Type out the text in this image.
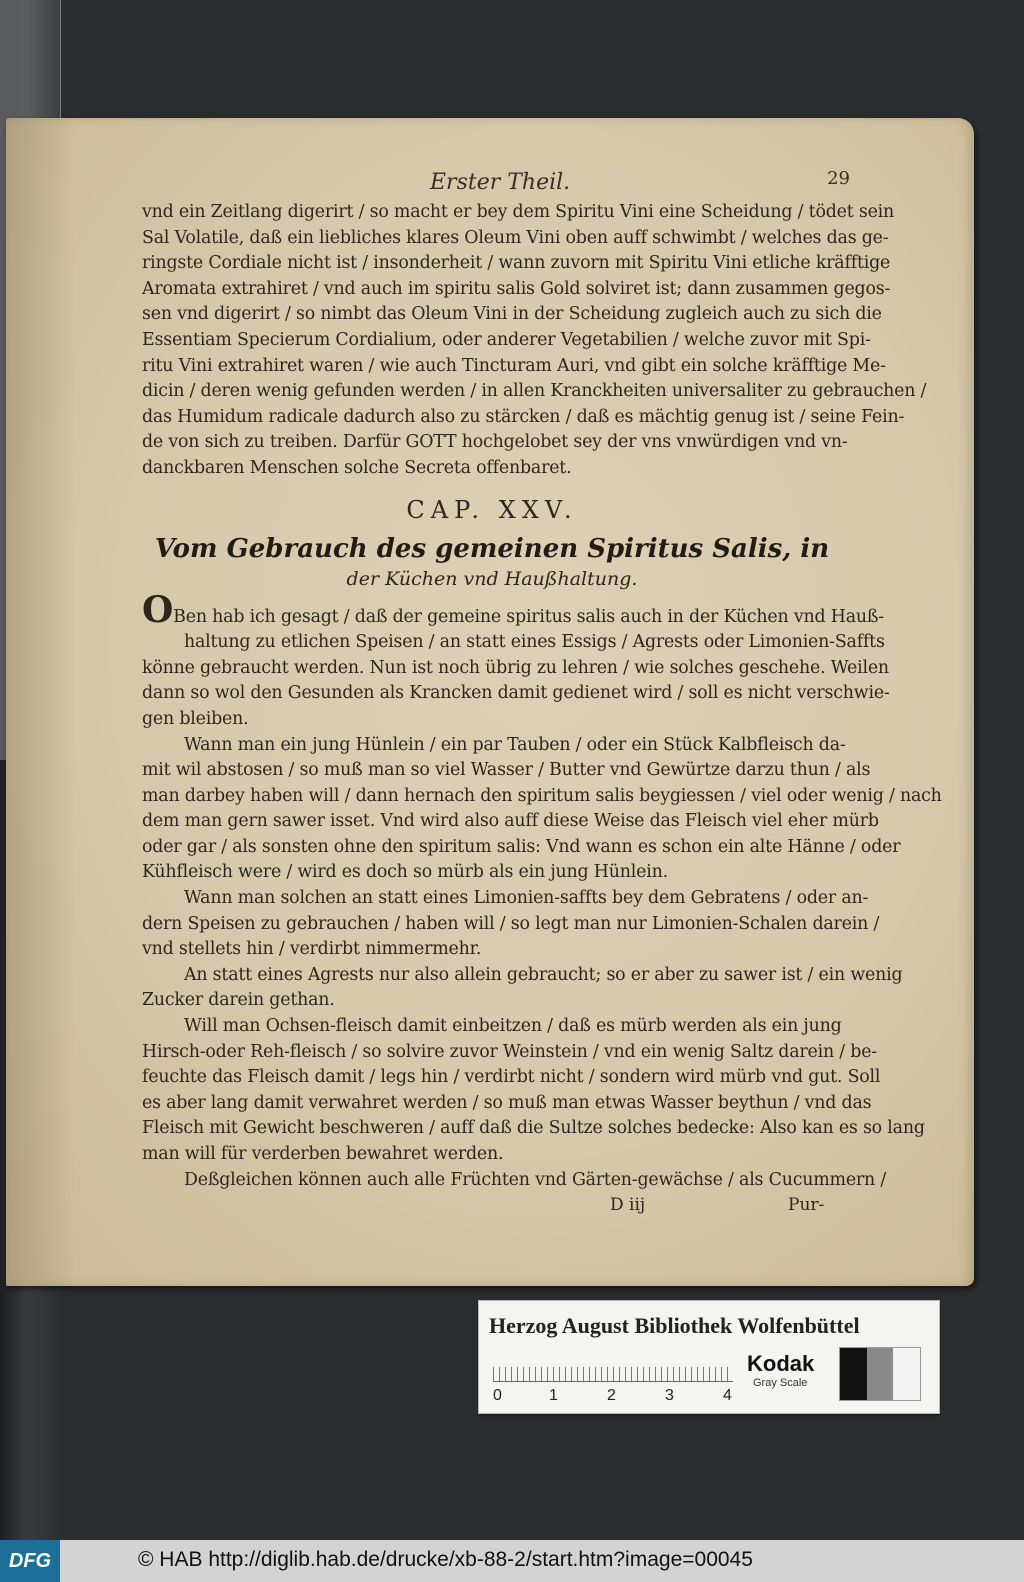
Erster Theil.	29

vnd ein Zeitlang digerirt / so macht er bey dem Spiritu Vini eine Scheidung / tödet sein

Sal Volatile, daß ein liebliches klares Oleum Vini oben auff schwimbt / welches das ge-

ringste Cordiale nicht ist / insonderheit / wann zuvorn mit Spiritu Vini etliche kräfftige

Aromata extrahiret / vnd auch im spiritu salis Gold solviret ist; dann zusammen gegos-

sen vnd digerirt / so nimbt das Oleum Vini in der Scheidung zugleich auch zu sich die

Essentiam Specierum Cordialium, oder anderer Vegetabilien / welche zuvor mit Spi-

ritu Vini extrahiret waren / wie auch Tincturam Auri, vnd gibt ein solche kräfftige Me-

dicin / deren wenig gefunden werden / in allen Kranckheiten universaliter zu gebrauchen /

das Humidum radicale dadurch also zu stärcken / daß es mächtig genug ist / seine Fein-

de von sich zu treiben. Darfür GOTT hochgelobet sey der vns vnwürdigen vnd vn-

danckbaren Menschen solche Secreta offenbaret.

CAP. XXV.
Vom Gebrauch des gemeinen Spiritus Salis, in
der Küchen vnd Haußhaltung.

OBen hab ich gesagt / daß der gemeine spiritus salis auch in der Küchen vnd Hauß-

haltung zu etlichen Speisen / an statt eines Essigs / Agrests oder Limonien-Saffts

könne gebraucht werden. Nun ist noch übrig zu lehren / wie solches geschehe. Weilen

dann so wol den Gesunden als Krancken damit gedienet wird / soll es nicht verschwie-

gen bleiben.

Wann man ein jung Hünlein / ein par Tauben / oder ein Stück Kalbfleisch da-

mit wil abstosen / so muß man so viel Wasser / Butter vnd Gewürtze darzu thun / als

man darbey haben will / dann hernach den spiritum salis beygiessen / viel oder wenig / nach

dem man gern sawer isset. Vnd wird also auff diese Weise das Fleisch viel eher mürb

oder gar / als sonsten ohne den spiritum salis: Vnd wann es schon ein alte Hänne / oder

Kühfleisch were / wird es doch so mürb als ein jung Hünlein.

Wann man solchen an statt eines Limonien-saffts bey dem Gebratens / oder an-

dern Speisen zu gebrauchen / haben will / so legt man nur Limonien-Schalen darein /

vnd stellets hin / verdirbt nimmermehr.

An statt eines Agrests nur also allein gebraucht; so er aber zu sawer ist / ein wenig

Zucker darein gethan.

Will man Ochsen-fleisch damit einbeitzen / daß es mürb werden als ein jung

Hirsch-oder Reh-fleisch / so solvire zuvor Weinstein / vnd ein wenig Saltz darein / be-

feuchte das Fleisch damit / legs hin / verdirbt nicht / sondern wird mürb vnd gut. Soll

es aber lang damit verwahret werden / so muß man etwas Wasser beythun / vnd das

Fleisch mit Gewicht beschweren / auff daß die Sultze solches bedecke: Also kan es so lang

man will für verderben bewahret werden.

Deßgleichen können auch alle Früchten vnd Gärten-gewächse / als Cucummern /

D iij	Pur-
Herzog August Bibliothek Wolfenbüttel
0	1	2	3	4
Kodak
Gray Scale
DFG	© HAB http://diglib.hab.de/drucke/xb-88-2/start.htm?image=00045
